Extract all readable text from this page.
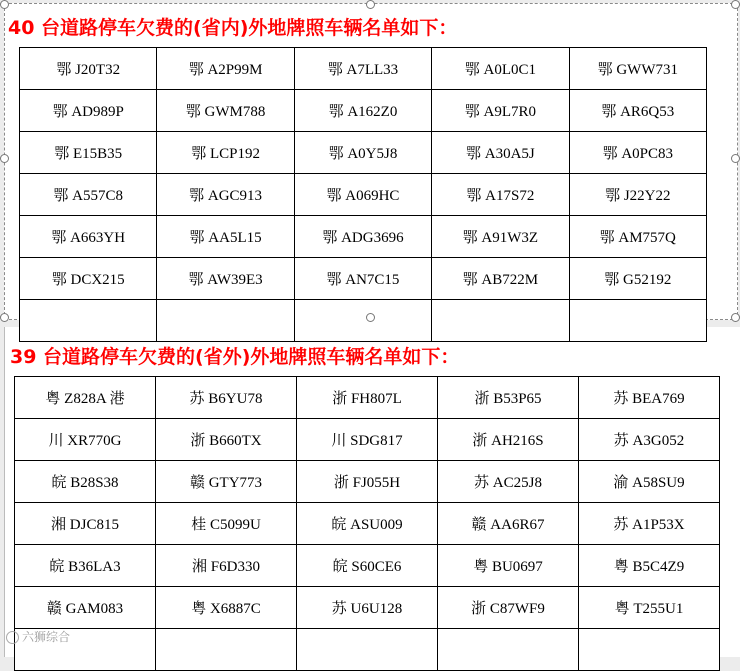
40 台道路停车欠费的(省内)外地牌照车辆名单如下：
鄂 J20T32	鄂 A2P99M	鄂 A7LL33	鄂 A0L0C1	鄂 GWW731
鄂 AD989P	鄂 GWM788	鄂 A162Z0	鄂 A9L7R0	鄂 AR6Q53
鄂 E15B35	鄂 LCP192	鄂 A0Y5J8	鄂 A30A5J	鄂 A0PC83
鄂 A557C8	鄂 AGC913	鄂 A069HC	鄂 A17S72	鄂 J22Y22
鄂 A663YH	鄂 AA5L15	鄂 ADG3696	鄂 A91W3Z	鄂 AM757Q
鄂 DCX215	鄂 AW39E3	鄂 AN7C15	鄂 AB722M	鄂 G52192

39 台道路停车欠费的(省外)外地牌照车辆名单如下：
粤 Z828A 港	苏 B6YU78	浙 FH807L	浙 B53P65	苏 BEA769
川 XR770G	浙 B660TX	川 SDG817	浙 AH216S	苏 A3G052
皖 B28S38	赣 GTY773	浙 FJ055H	苏 AC25J8	渝 A58SU9
湘 DJC815	桂 C5099U	皖 ASU009	赣 AA6R67	苏 A1P53X
皖 B36LA3	湘 F6D330	皖 S60CE6	粤 BU0697	粤 B5C4Z9
赣 GAM083	粤 X6887C	苏 U6U128	浙 C87WF9	粤 T255U1

六狮综合
